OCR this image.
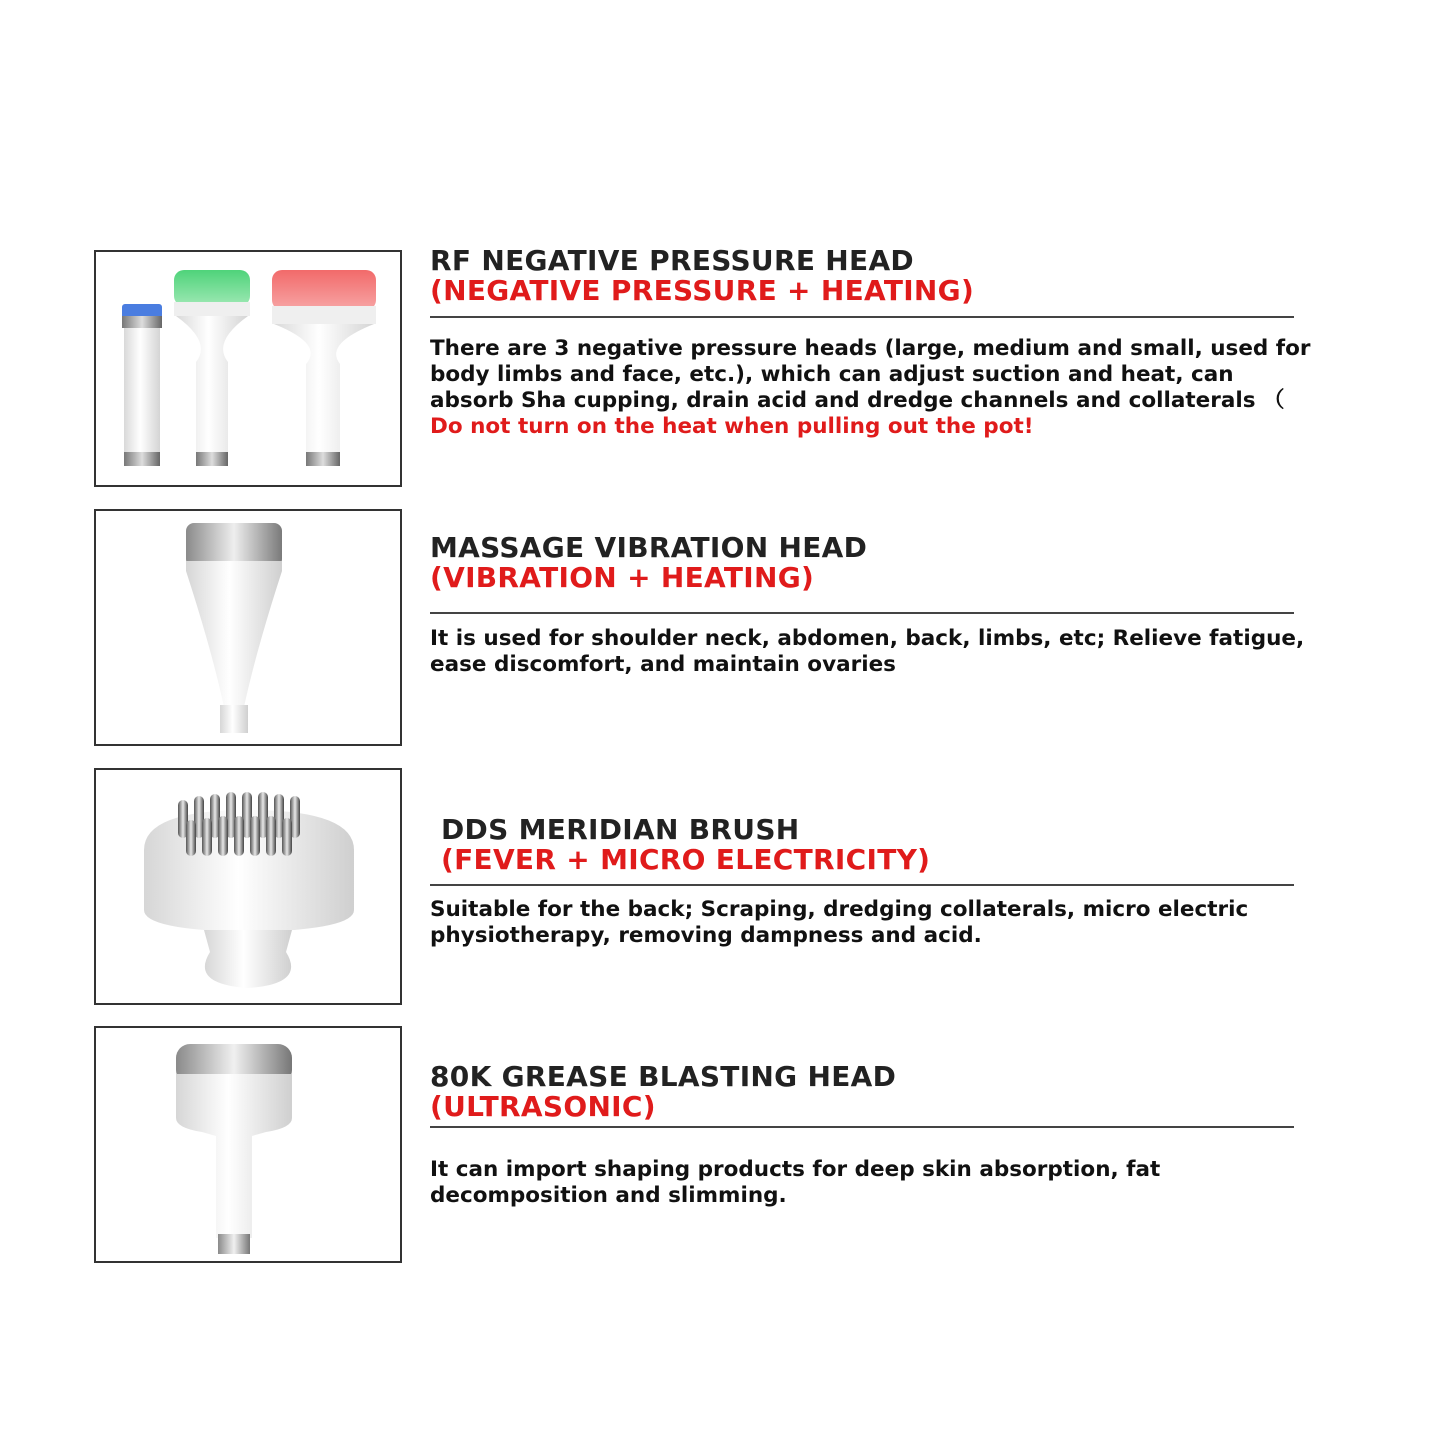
RF NEGATIVE PRESSURE HEAD
(NEGATIVE PRESSURE + HEATING)
There are 3 negative pressure heads (large, medium and small, used for body limbs and face, etc.), which can adjust suction and heat, can absorb Sha cupping, drain acid and dredge channels and collaterals （ Do not turn on the heat when pulling out the pot!
MASSAGE VIBRATION HEAD
(VIBRATION + HEATING)
It is used for shoulder neck, abdomen, back, limbs, etc; Relieve fatigue, ease discomfort, and maintain ovaries
DDS MERIDIAN BRUSH
(FEVER + MICRO ELECTRICITY)
Suitable for the back; Scraping, dredging collaterals, micro electric physiotherapy, removing dampness and acid.
80K GREASE BLASTING HEAD
(ULTRASONIC)
It can import shaping products for deep skin absorption, fat decomposition and slimming.
